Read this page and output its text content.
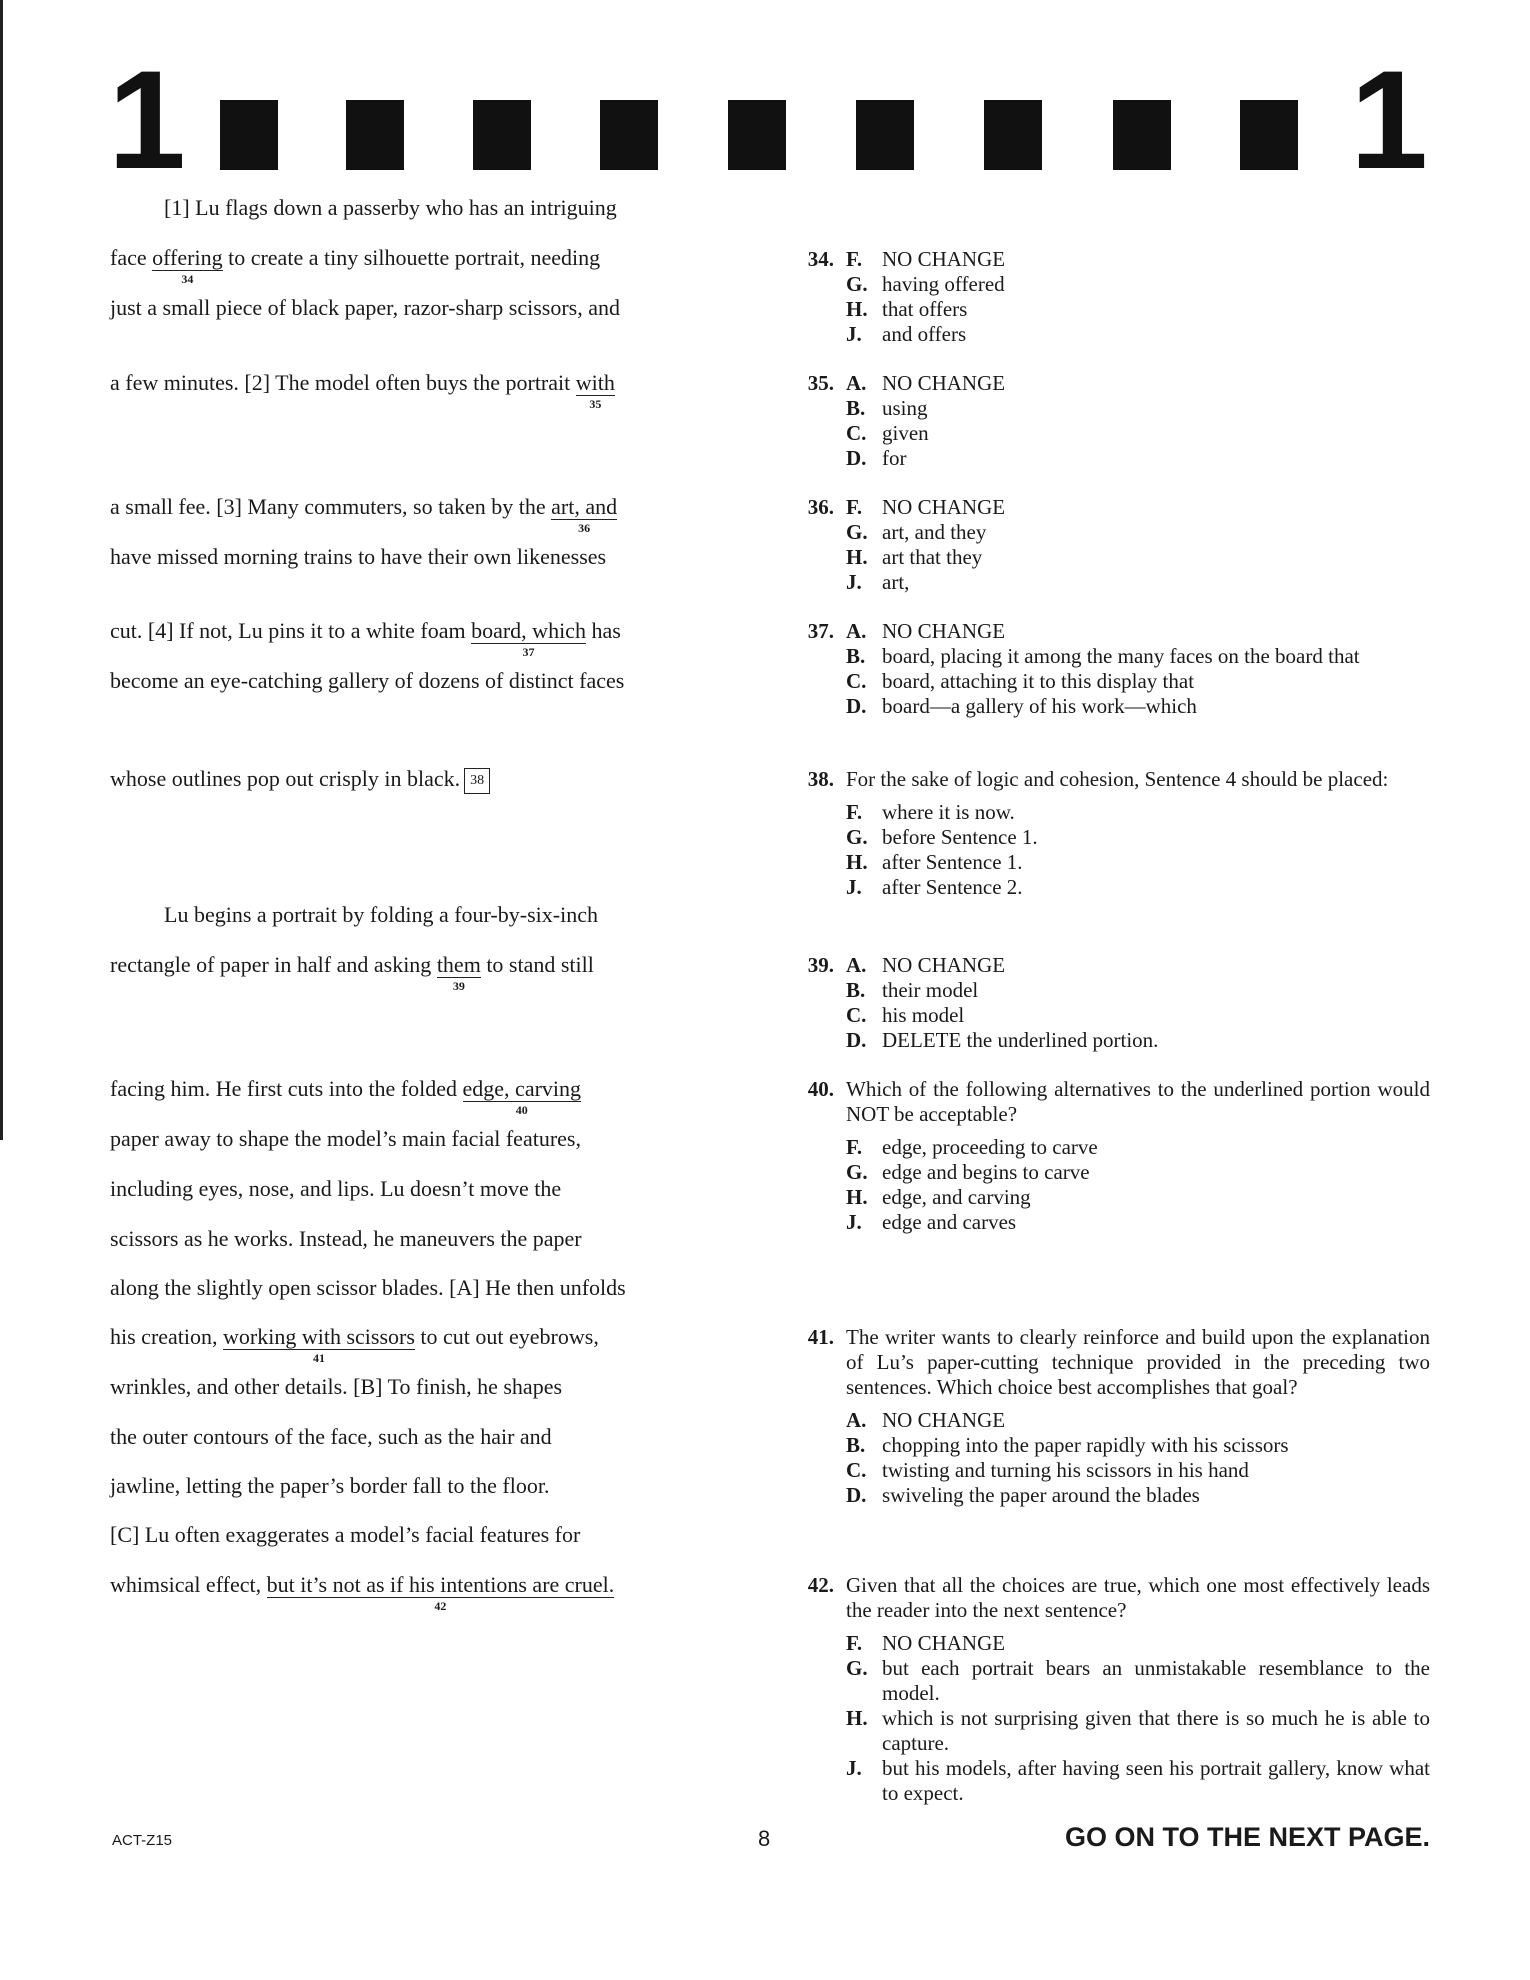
1	1
[1] Lu flags down a passerby who has an intriguing
face offering
34
to create a tiny silhouette portrait, needing
just a small piece of black paper, razor-sharp scissors, and
a few minutes. [2] The model often buys the portrait with
35
a small fee. [3] Many commuters, so taken by the art, and
36
have missed morning trains to have their own likenesses
cut. [4] If not, Lu pins it to a white foam board, which
37
has
become an eye-catching gallery of dozens of distinct faces
whose outlines pop out crisply in black. 38
Lu begins a portrait by folding a four-by-six-inch
rectangle of paper in half and asking them
39
to stand still
facing him. He first cuts into the folded edge, carving
40
paper away to shape the model’s main facial features,
including eyes, nose, and lips. Lu doesn’t move the
scissors as he works. Instead, he maneuvers the paper
along the slightly open scissor blades. [A] He then unfolds
his creation, working with scissors
41
to cut out eyebrows,
wrinkles, and other details. [B] To finish, he shapes
the outer contours of the face, such as the hair and
jawline, letting the paper’s border fall to the floor.
[C] Lu often exaggerates a model’s facial features for
whimsical effect, but it’s not as if his intentions are cruel.
42
34. F. NO CHANGE
G. having offered
H. that offers
J. and offers
35. A. NO CHANGE
B. using
C. given
D. for
36. F. NO CHANGE
G. art, and they
H. art that they
J. art,
37. A. NO CHANGE
B. board, placing it among the many faces on the board that
C. board, attaching it to this display that
D. board—a gallery of his work—which
38. For the sake of logic and cohesion, Sentence 4 should be placed:
F. where it is now.
G. before Sentence 1.
H. after Sentence 1.
J. after Sentence 2.
39. A. NO CHANGE
B. their model
C. his model
D. DELETE the underlined portion.
40. Which of the following alternatives to the underlined portion would NOT be acceptable?
F. edge, proceeding to carve
G. edge and begins to carve
H. edge, and carving
J. edge and carves
41. The writer wants to clearly reinforce and build upon the explanation of Lu’s paper-cutting technique provided in the preceding two sentences. Which choice best accomplishes that goal?
A. NO CHANGE
B. chopping into the paper rapidly with his scissors
C. twisting and turning his scissors in his hand
D. swiveling the paper around the blades
42. Given that all the choices are true, which one most effectively leads the reader into the next sentence?
F. NO CHANGE
G. but each portrait bears an unmistakable resemblance to the model.
H. which is not surprising given that there is so much he is able to capture.
J. but his models, after having seen his portrait gallery, know what to expect.
ACT-Z15	8	GO ON TO THE NEXT PAGE.
